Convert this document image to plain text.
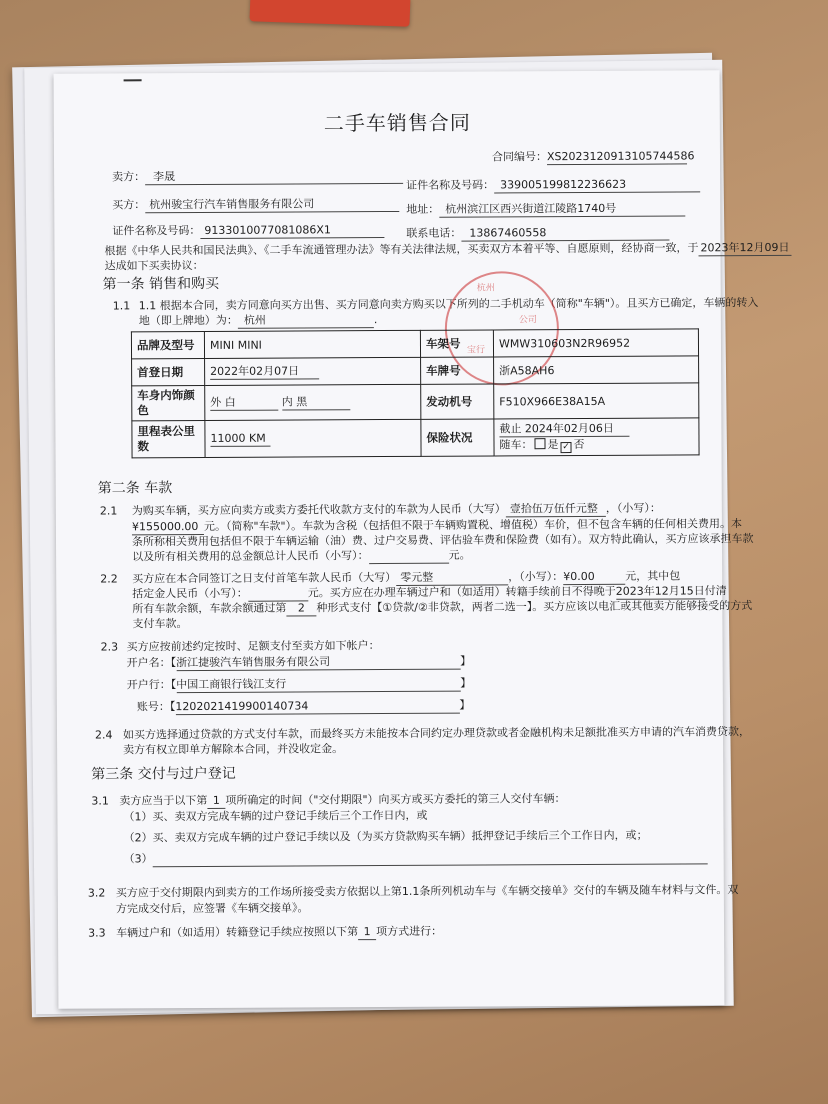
二手车销售合同
合同编号：XS2023120913105744586
卖方： 李晟
证件名称及号码： 339005199812236623
买方： 杭州骏宝行汽车销售服务有限公司	地址： 杭州滨江区西兴街道江陵路1740号
证件名称及号码： 913301007708108​6X1	联系电话： 13867460558
根据《中华人民共和国民法典》、《二手车流通管理办法》等有关法律法规，买卖双方本着平等、自愿原则，经协商一致，于 2023年12月09日
达成如下买卖协议：
第一条 销售和购买
1.1 1.1 根据本合同，卖方同意向买方出售、买方同意向卖方购买以下所列的二手机动车（简称"车辆"）。且买方已确定，车辆的转入
地（即上牌地）为： 杭州	.
杭州
公司
宝行
品牌及型号	MINI MINI	车架号	WMW310603N2R96952
首登日期	2022年02月07日	车牌号	浙A58AH6
车身内饰颜色	外 白 内 黑	发动机号	F510X966E38A15A
里程表公里数	11000 KM	保险状况	截止 2024年02月06日
随车： 是 ✓ 否
第二条 车款
2.1 为购买车辆，买方应向卖方或卖方委托代收款方支付的车款为人民币（大写） 壹拾伍万伍仟元整 ，（小写）：
¥155000.00 元。（简称"车款"）。车款为含税（包括但不限于车辆购置税、增值税）车价，但不包含车辆的任何相关费用。本
条所称相关费用包括但不限于车辆运输（油）费、过户交易费、评估验车费和保险费（如有）。双方特此确认，买方应该承担车款
以及所有相关费用的总金额总计人民币（小写）：	元。
2.2 买方应在本合同签订之日支付首笔车款人民币（大写） 零元整	，（小写）：¥0.00	元，其中包
括定金人民币（小写）：	元。买方应在办理车辆过户和（如适用）转籍手续前日不得晚于2023年12月15日付清
所有车款余额，车款余额通过第 2 种形式支付【①贷款/②非贷款，两者二选一】。买方应该以电汇或其他卖方能够接受的方式
支付车款。
2.3 买方应按前述约定按时、足额支付至卖方如下帐户：
开户名：【浙江捷骏汽车销售服务有限公司	】
开户行：【中国工商银行钱江支行	】
账号：【1202021419900140734	】
2.4 如买方选择通过贷款的方式支付车款，而最终买方未能按本合同约定办理贷款或者金融机构未足额批准买方申请的汽车消费贷款，
卖方有权立即单方解除本合同，并没收定金。
第三条 交付与过户登记
3.1 卖方应当于以下第 1 项所确定的时间（"交付期限"）向买方或买方委托的第三人交付车辆：
（1）买、卖双方完成车辆的过户登记手续后三个工作日内，或
（2）买、卖双方完成车辆的过户登记手续以及（为买方贷款购买车辆）抵押登记手续后三个工作日内，或；
（3）
3.2 买方应于交付期限内到卖方的工作场所接受卖方依据以上第1.1条所列机动车与《车辆交接单》交付的车辆及随车材料与文件。双
方完成交付后，应签署《车辆交接单》。
3.3 车辆过户和（如适用）转籍登记手续应按照以下第 1 项方式进行：
